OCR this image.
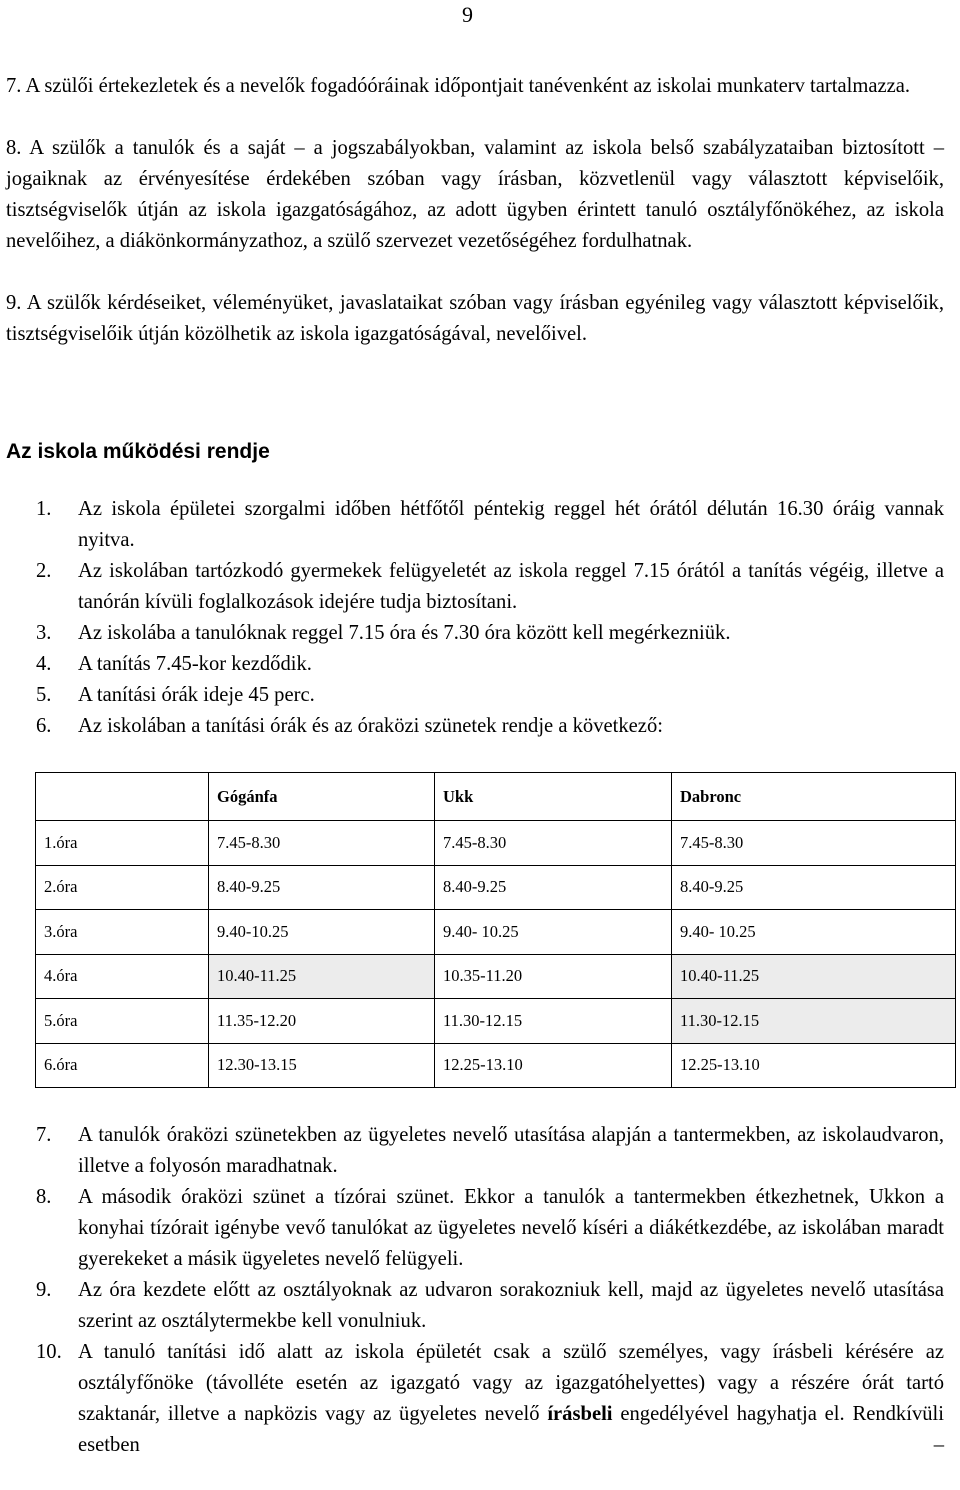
9
7. A szülői értekezletek és a nevelők fogadóóráinak időpontjait tanévenként az iskolai munkaterv tartalmazza.
8. A szülők a tanulók és a saját – a jogszabályokban, valamint az iskola belső szabályzataiban biztosított – jogaiknak az érvényesítése érdekében szóban vagy írásban, közvetlenül vagy választott képviselőik, tisztségviselők útján az iskola igazgatóságához, az adott ügyben érintett tanuló osztályfőnökéhez, az iskola nevelőihez, a diákönkormányzathoz, a szülő szervezet vezetőségéhez fordulhatnak.
9. A szülők kérdéseiket, véleményüket, javaslataikat szóban vagy írásban egyénileg vagy választott képviselőik, tisztségviselőik útján közölhetik az iskola igazgatóságával, nevelőivel.
Az iskola működési rendje
1.	Az iskola épületei szorgalmi időben hétfőtől péntekig reggel hét órától délután 16.30 óráig vannak nyitva.
2.	Az iskolában tartózkodó gyermekek felügyeletét az iskola reggel 7.15 órától a tanítás végéig, illetve a tanórán kívüli foglalkozások idejére tudja biztosítani.
3.	Az iskolába a tanulóknak reggel 7.15 óra és 7.30 óra között kell megérkezniük.
4.	A tanítás 7.45-kor kezdődik.
5.	A tanítási órák ideje 45 perc.
6.	Az iskolában a tanítási órák és az óraközi szünetek rendje a következő:
	Gógánfa	Ukk	Dabronc
1.óra	7.45-8.30	7.45-8.30	7.45-8.30
2.óra	8.40-9.25	8.40-9.25	8.40-9.25
3.óra	9.40-10.25	9.40- 10.25	9.40- 10.25
4.óra	10.40-11.25	10.35-11.20	10.40-11.25
5.óra	11.35-12.20	11.30-12.15	11.30-12.15
6.óra	12.30-13.15	12.25-13.10	12.25-13.10
7.	A tanulók óraközi szünetekben az ügyeletes nevelő utasítása alapján a tantermekben, az iskolaudvaron, illetve a folyosón maradhatnak.
8.	A második óraközi szünet a tízórai szünet. Ekkor a tanulók a tantermekben étkezhetnek, Ukkon a konyhai tízórait igénybe vevő tanulókat az ügyeletes nevelő kíséri a diákétkezdébe, az iskolában maradt gyerekeket a másik ügyeletes nevelő felügyeli.
9.	Az óra kezdete előtt az osztályoknak az udvaron sorakozniuk kell, majd az ügyeletes nevelő utasítása szerint az osztálytermekbe kell vonulniuk.
10. A tanuló tanítási idő alatt az iskola épületét csak a szülő személyes, vagy írásbeli kérésére az osztályfőnöke (távolléte esetén az igazgató vagy az igazgatóhelyettes) vagy a részére órát tartó szaktanár, illetve a napközis vagy az ügyeletes nevelő írásbeli engedélyével hagyhatja el. Rendkívüli esetben –
